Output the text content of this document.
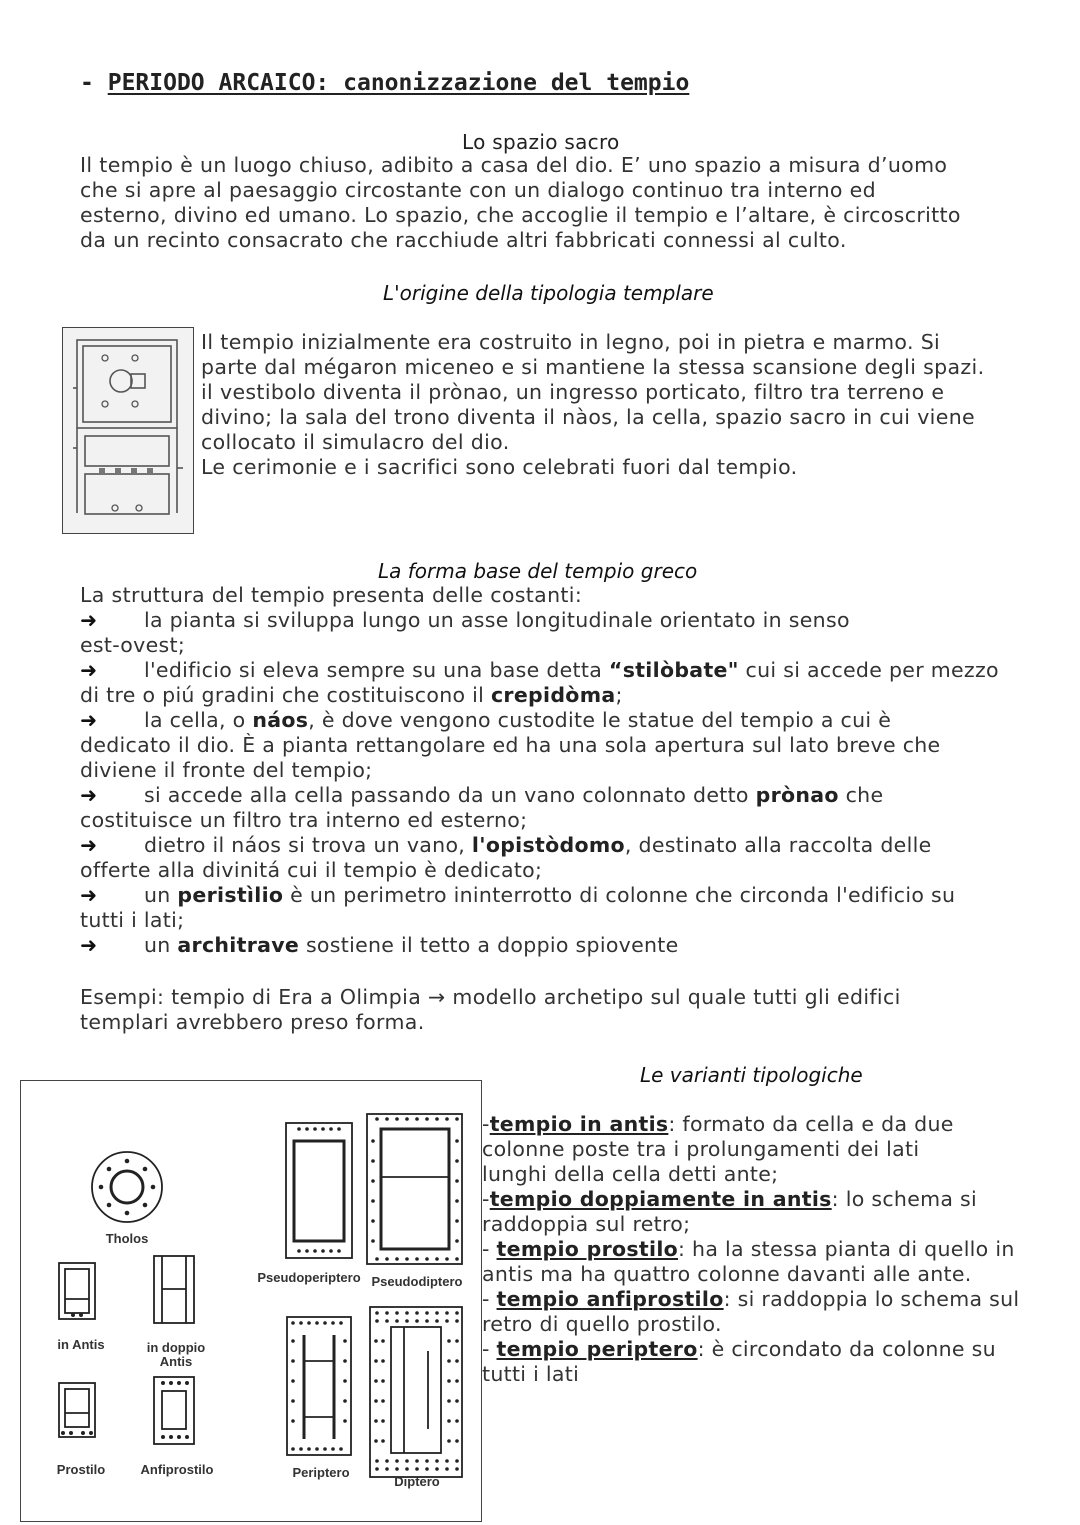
- PERIODO ARCAICO: canonizzazione del tempio
Lo spazio sacro
Il tempio è un luogo chiuso, adibito a casa del dio. E’ uno spazio a misura d’uomo
che si apre al paesaggio circostante con un dialogo continuo tra interno ed
esterno, divino ed umano. Lo spazio, che accoglie il tempio e l’altare, è circoscritto
da un recinto consacrato che racchiude altri fabbricati connessi al culto.
L'origine della tipologia templare
Il tempio inizialmente era costruito in legno, poi in pietra e marmo. Si
parte dal mégaron miceneo e si mantiene la stessa scansione degli spazi.
il vestibolo diventa il prònao, un ingresso porticato, filtro tra terreno e
divino; la sala del trono diventa il nàos, la cella, spazio sacro in cui viene
collocato il simulacro del dio.
Le cerimonie e i sacrifici sono celebrati fuori dal tempio.
La forma base del tempio greco
La struttura del tempio presenta delle costanti:

➜ la pianta si sviluppa lungo un asse longitudinale orientato in senso

est-ovest;

➜ l'edificio si eleva sempre su una base detta “stilòbate" cui si accede per mezzo

di tre o piú gradini che costituiscono il crepidòma;

➜ la cella, o náos, è dove vengono custodite le statue del tempio a cui è

dedicato il dio. È a pianta rettangolare ed ha una sola apertura sul lato breve che

diviene il fronte del tempio;

➜ si accede alla cella passando da un vano colonnato detto prònao che

costituisce un filtro tra interno ed esterno;

➜ dietro il náos si trova un vano, l'opistòdomo, destinato alla raccolta delle

offerte alla divinitá cui il tempio è dedicato;

➜ un peristìlio è un perimetro ininterrotto di colonne che circonda l'edificio su

tutti i lati;

➜ un architrave sostiene il tetto a doppio spiovente

Esempi: tempio di Era a Olimpia → modello archetipo sul quale tutti gli edifici
templari avrebbero preso forma.
Le varianti tipologiche
Tholos
in Antis	in doppio
Antis
Prostilo	Anfiprostilo
Pseudoperiptero Pseudodiptero
Periptero
Diptero

-tempio in antis: formato da cella e da due

colonne poste tra i prolungamenti dei lati

lunghi della cella detti ante;

-tempio doppiamente in antis: lo schema si

raddoppia sul retro;

- tempio prostilo: ha la stessa pianta di quello in

antis ma ha quattro colonne davanti alle ante.

- tempio anfiprostilo: si raddoppia lo schema sul

retro di quello prostilo.

- tempio periptero: è circondato da colonne su

tutti i lati
